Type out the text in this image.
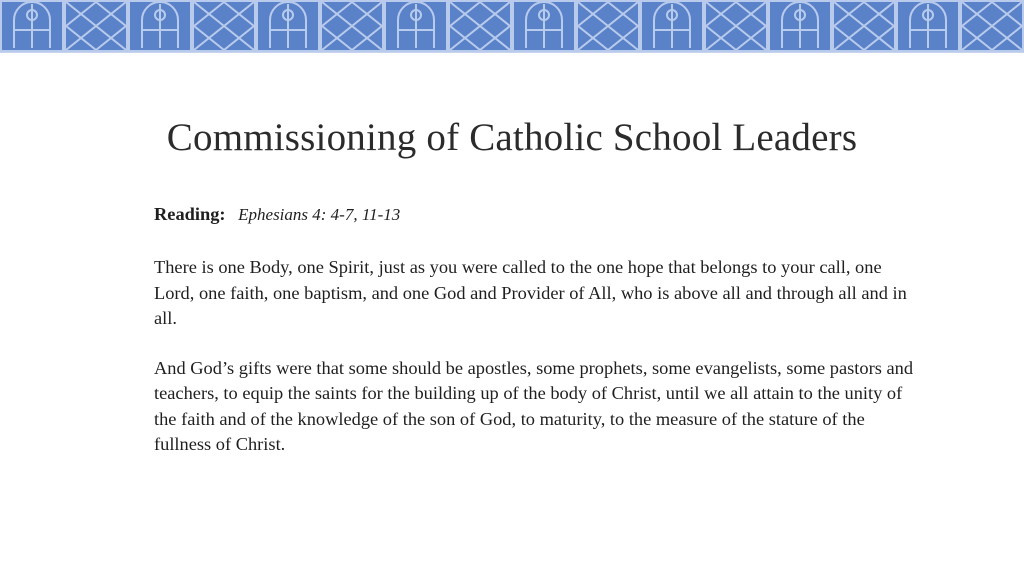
Commissioning of Catholic School Leaders
Reading: Ephesians 4: 4-7, 11-13

There is one Body, one Spirit, just as you were called to the one hope that belongs to your call, one Lord, one faith, one baptism, and one God and Provider of All, who is above all and through all and in all.

And God’s gifts were that some should be apostles, some prophets, some evangelists, some pastors and teachers, to equip the saints for the building up of the body of Christ, until we all attain to the unity of the faith and of the knowledge of the son of God, to maturity, to the measure of the stature of the fullness of Christ.
